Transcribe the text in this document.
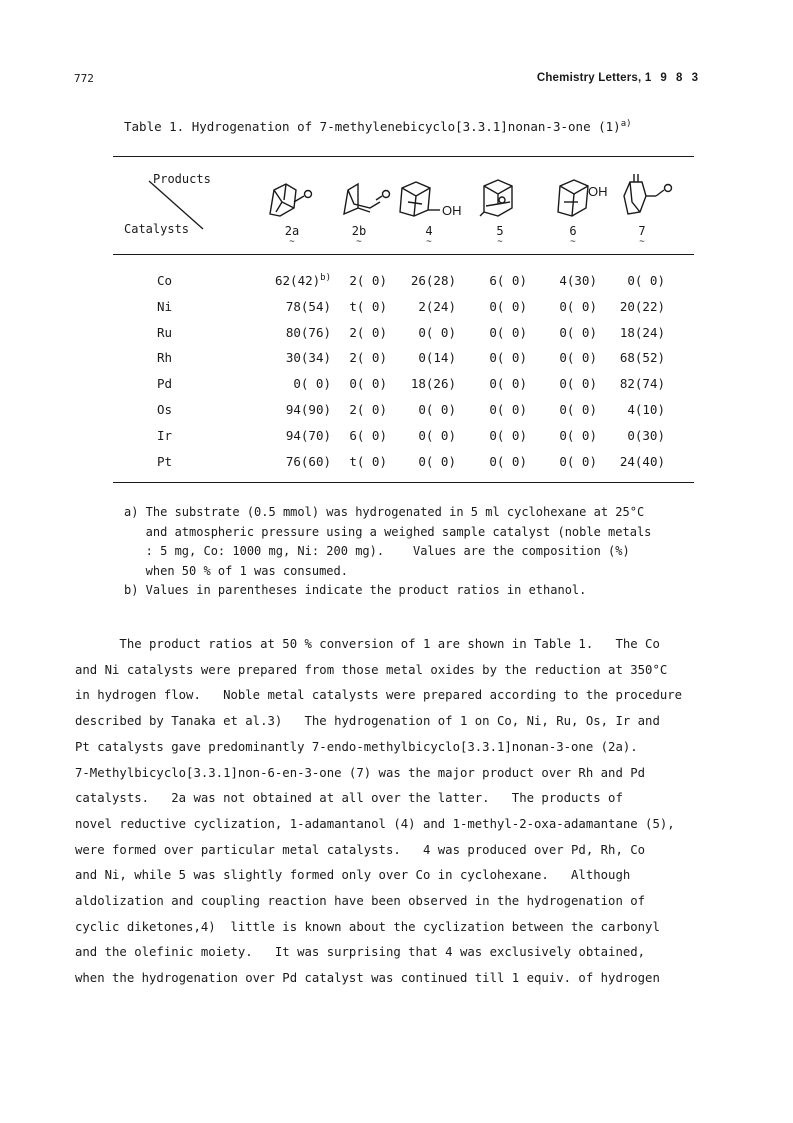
772	Chemistry Letters, 1 9 8 3
Table 1. Hydrogenation of 7-methylenebicyclo[3.3.1]nonan-3-one $(1)^{a)}$
Products
Catalysts
OH
OH
2a
~
2b
~
4
~
5
~
6
~
7
~
Co	$62(42)^{b)}$ 2( 0) 26(28)	6( 0)	4(30) 0( 0)
Ni	78(54) t( 0)	2(24)	0( 0)	0( 0) 20(22)
Ru	80(76) 2( 0)	0( 0)	0( 0)	0( 0) 18(24)
Rh	30(34) 2( 0)	0(14)	0( 0)	0( 0) 68(52)
Pd	0( 0) 0( 0) 18(26)	0( 0)	0( 0) 82(74)
Os	94(90) 2( 0)	0( 0)	0( 0)	0( 0) 4(10)
Ir	94(70) 6( 0)	0( 0)	0( 0)	0( 0) 0(30)
Pt	76(60) t( 0)	0( 0)	0( 0)	0( 0) 24(40)
a) The substrate (0.5 mmol) was hydrogenated in 5 ml cyclohexane at 25°C
and atmospheric pressure using a weighed sample catalyst (noble metals
: 5 mg, Co: 1000 mg, Ni: 200 mg).    Values are the composition (%)
when 50 % of 1 was consumed.
b) Values in parentheses indicate the product ratios in ethanol.
The product ratios at 50 % conversion of 1 are shown in Table 1.   The Co
and Ni catalysts were prepared from those metal oxides by the reduction at 350°C
in hydrogen flow.   Noble metal catalysts were prepared according to the procedure
described by Tanaka et al.3)   The hydrogenation of 1 on Co, Ni, Ru, Os, Ir and
Pt catalysts gave predominantly 7-endo-methylbicyclo[3.3.1]nonan-3-one (2a).
7-Methylbicyclo[3.3.1]non-6-en-3-one (7) was the major product over Rh and Pd
catalysts.   2a was not obtained at all over the latter.   The products of
novel reductive cyclization, 1-adamantanol (4) and 1-methyl-2-oxa-adamantane (5),
were formed over particular metal catalysts.   4 was produced over Pd, Rh, Co
and Ni, while 5 was slightly formed only over Co in cyclohexane.   Although
aldolization and coupling reaction have been observed in the hydrogenation of
cyclic diketones,4)  little is known about the cyclization between the carbonyl
and the olefinic moiety.   It was surprising that 4 was exclusively obtained,
when the hydrogenation over Pd catalyst was continued till 1 equiv. of hydrogen
